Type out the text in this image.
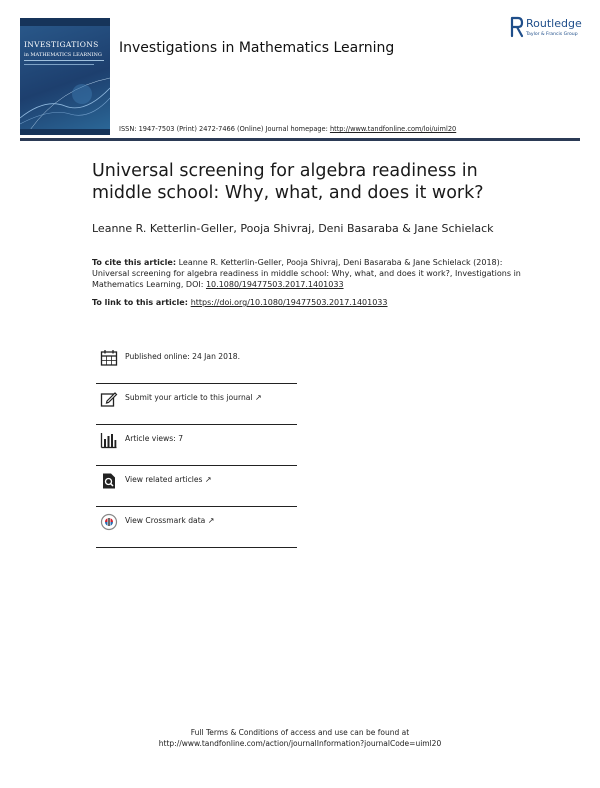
INVESTIGATIONS
in MATHEMATICS LEARNING Investigations in Mathematics Learning
Routledge
Taylor & Francis Group
ISSN: 1947-7503 (Print) 2472-7466 (Online) Journal homepage: http://www.tandfonline.com/loi/uiml20
Universal screening for algebra readiness in middle school: Why, what, and does it work?
Leanne R. Ketterlin-Geller, Pooja Shivraj, Deni Basaraba & Jane Schielack
To cite this article: Leanne R. Ketterlin-Geller, Pooja Shivraj, Deni Basaraba & Jane Schielack (2018): Universal screening for algebra readiness in middle school: Why, what, and does it work?, Investigations in Mathematics Learning, DOI: 10.1080/19477503.2017.1401033
To link to this article: https://doi.org/10.1080/19477503.2017.1401033
Published online: 24 Jan 2018.
Submit your article to this journal ↗
Article views: 7
View related articles ↗
View Crossmark data ↗
Full Terms & Conditions of access and use can be found at
http://www.tandfonline.com/action/journalInformation?journalCode=uiml20
